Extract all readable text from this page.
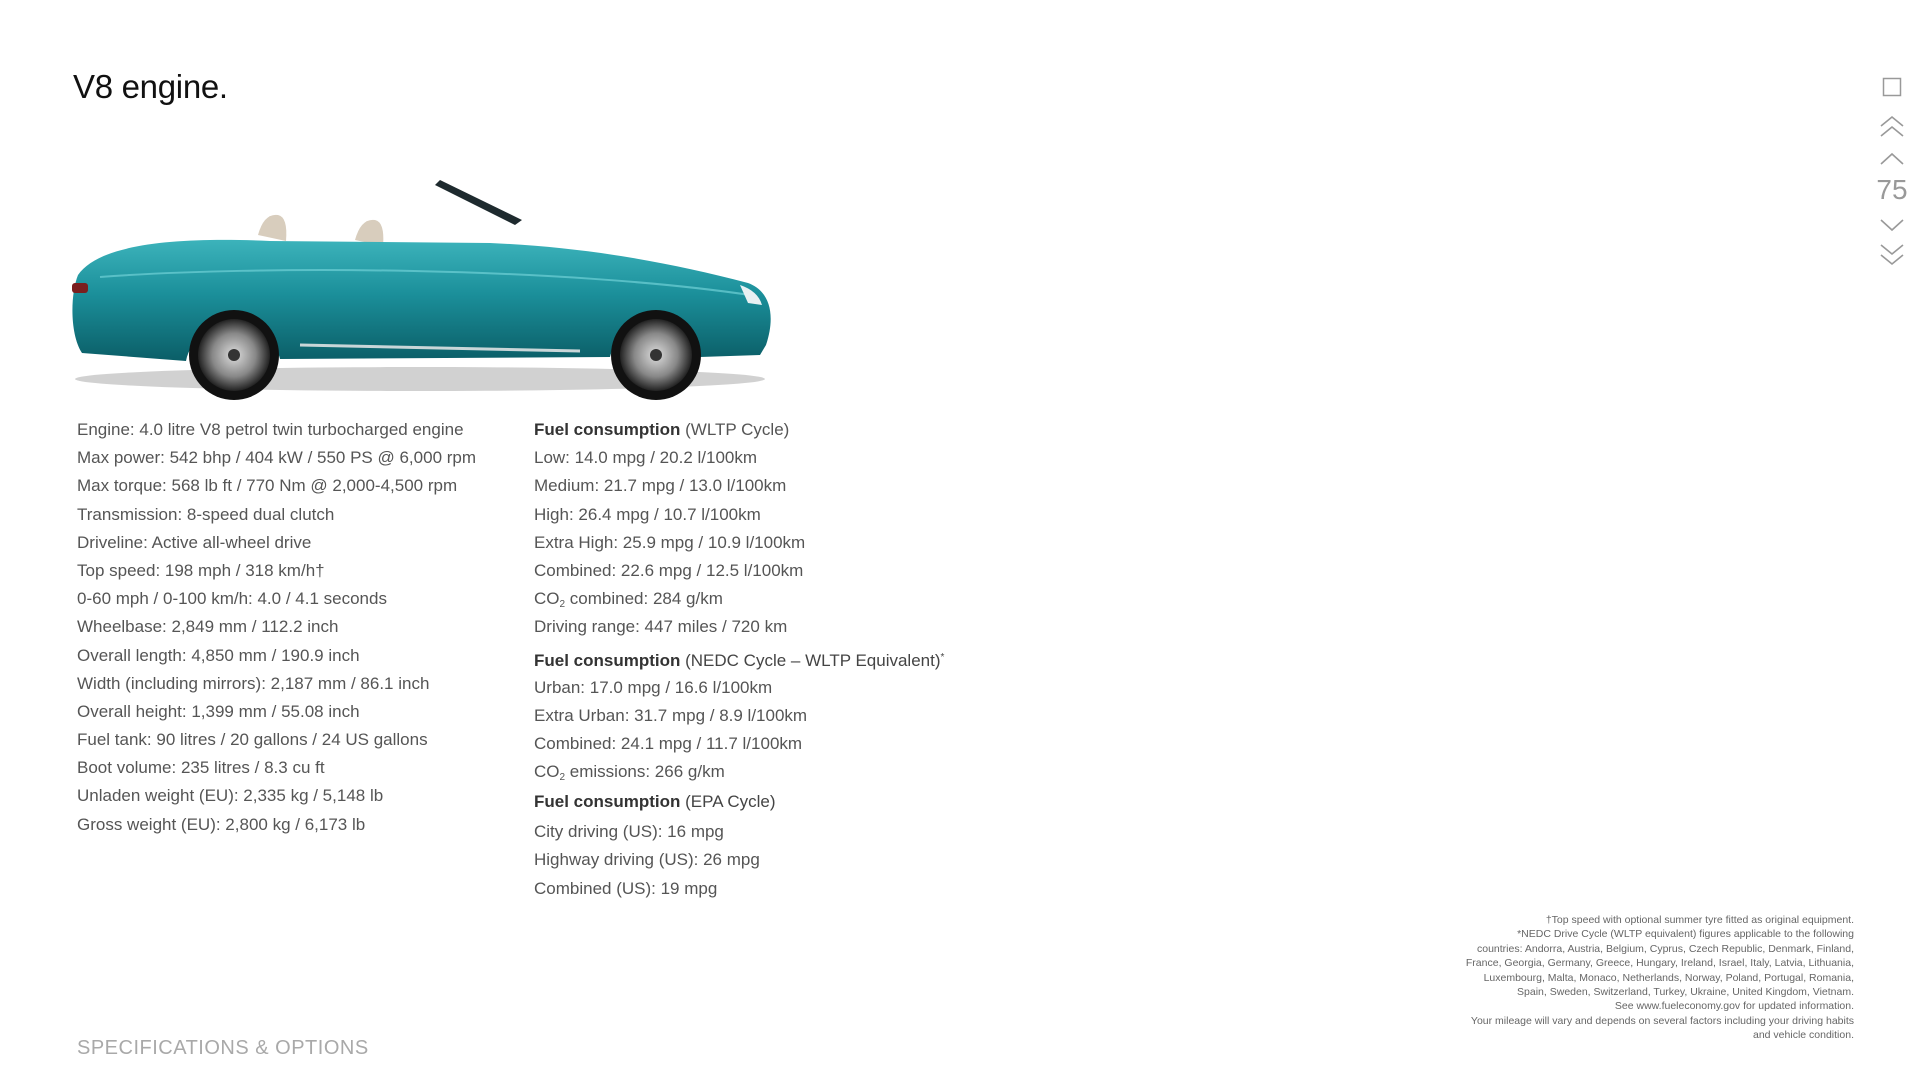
V8 engine.
Engine: 4.0 litre V8 petrol twin turbocharged engine
Max power: 542 bhp / 404 kW / 550 PS @ 6,000 rpm
Max torque: 568 lb ft / 770 Nm @ 2,000-4,500 rpm
Transmission: 8-speed dual clutch
Driveline: Active all-wheel drive
Top speed: 198 mph / 318 km/h†
0-60 mph / 0-100 km/h: 4.0 / 4.1 seconds
Wheelbase: 2,849 mm / 112.2 inch
Overall length: 4,850 mm / 190.9 inch
Width (including mirrors): 2,187 mm / 86.1 inch
Overall height: 1,399 mm / 55.08 inch
Fuel tank: 90 litres / 20 gallons / 24 US gallons
Boot volume: 235 litres / 8.3 cu ft
Unladen weight (EU): 2,335 kg / 5,148 lb
Gross weight (EU): 2,800 kg / 6,173 lb
Fuel consumption (WLTP Cycle)
Low: 14.0 mpg / 20.2 l/100km
Medium: 21.7 mpg / 13.0 l/100km
High: 26.4 mpg / 10.7 l/100km
Extra High: 25.9 mpg / 10.9 l/100km
Combined: 22.6 mpg / 12.5 l/100km
$CO_2$ combined: 284 g/km
Driving range: 447 miles / 720 km
Fuel consumption (NEDC Cycle – WLTP Equivalent)*
Urban: 17.0 mpg / 16.6 l/100km
Extra Urban: 31.7 mpg / 8.9 l/100km
Combined: 24.1 mpg / 11.7 l/100km
$CO_2$ emissions: 266 g/km
Fuel consumption (EPA Cycle)
City driving (US): 16 mpg
Highway driving (US): 26 mpg
Combined (US): 19 mpg
†Top speed with optional summer tyre fitted as original equipment.
*NEDC Drive Cycle (WLTP equivalent) figures applicable to the following
countries: Andorra, Austria, Belgium, Cyprus, Czech Republic, Denmark, Finland,
France, Georgia, Germany, Greece, Hungary, Ireland, Israel, Italy, Latvia, Lithuania,
Luxembourg, Malta, Monaco, Netherlands, Norway, Poland, Portugal, Romania,
Spain, Sweden, Switzerland, Turkey, Ukraine, United Kingdom, Vietnam.
See www.fueleconomy.gov for updated information.
Your mileage will vary and depends on several factors including your driving habits
and vehicle condition.
SPECIFICATIONS & OPTIONS
75
